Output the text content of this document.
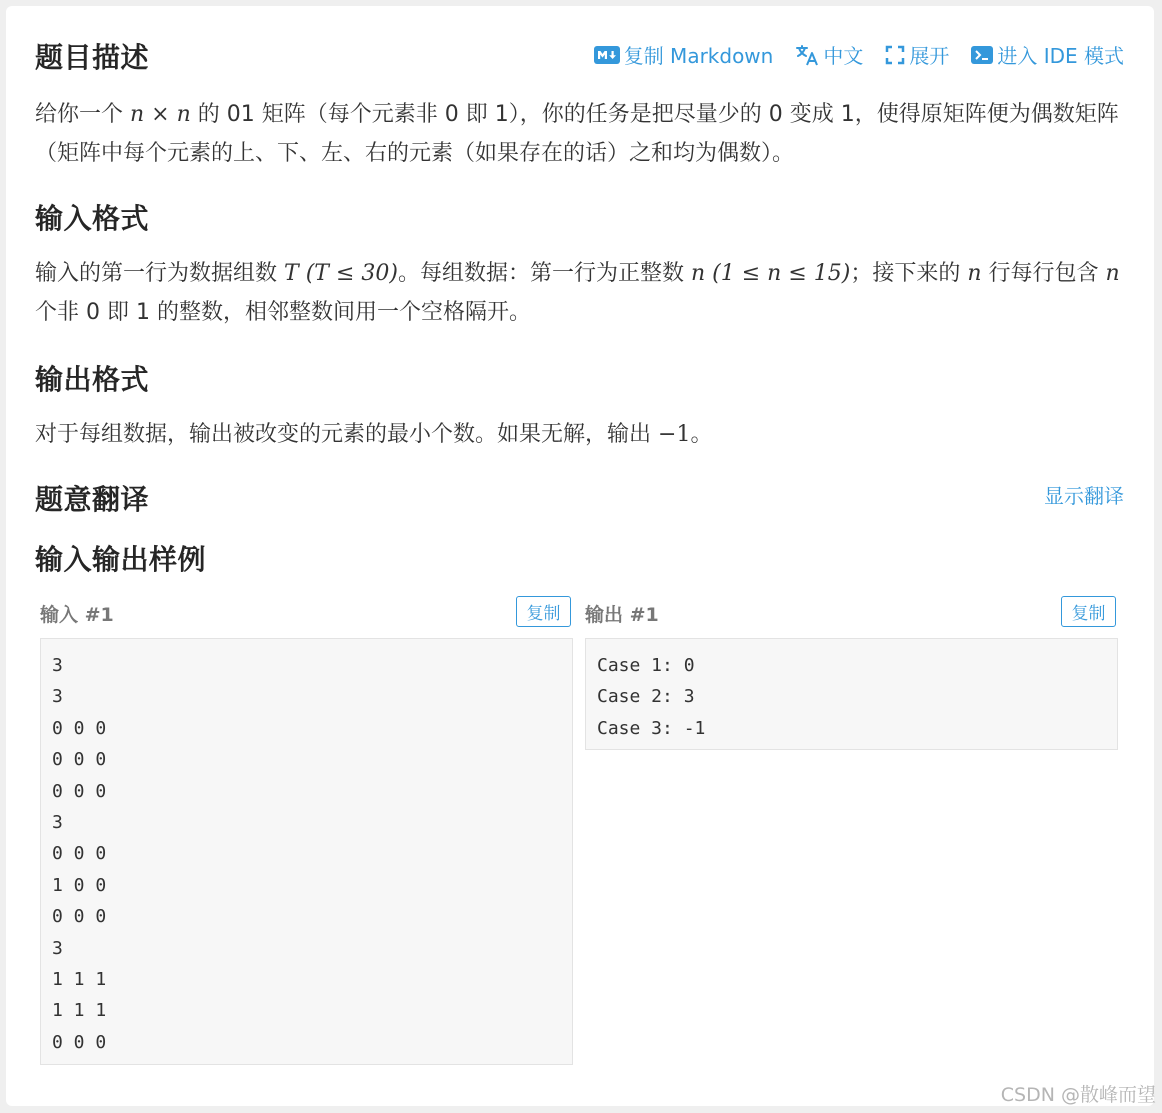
题目描述	复制 Markdown	中文 展开 进入 IDE 模式

给你一个 n × n 的 01 矩阵（每个元素非 0 即 1），你的任务是把尽量少的 0 变成 1，使得原矩阵便为偶数矩阵（矩阵中每个元素的上、下、左、右的元素（如果存在的话）之和均为偶数）。

输入格式

输入的第一行为数据组数 T (T ≤ 30)。每组数据：第一行为正整数 n (1 ≤ n ≤ 15)；接下来的 n 行每行包含 n 个非 0 即 1 的整数，相邻整数间用一个空格隔开。

输出格式

对于每组数据，输出被改变的元素的最小个数。如果无解，输出 −1。

题意翻译	显示翻译
输入输出样例
输入 #1	复制
3
3
0 0 0
0 0 0
0 0 0
3
0 0 0
1 0 0
0 0 0
3
1 1 1
1 1 1
0 0 0
输出 #1	复制
Case 1: 0
Case 2: 3
Case 3: -1
CSDN @散峰而望
